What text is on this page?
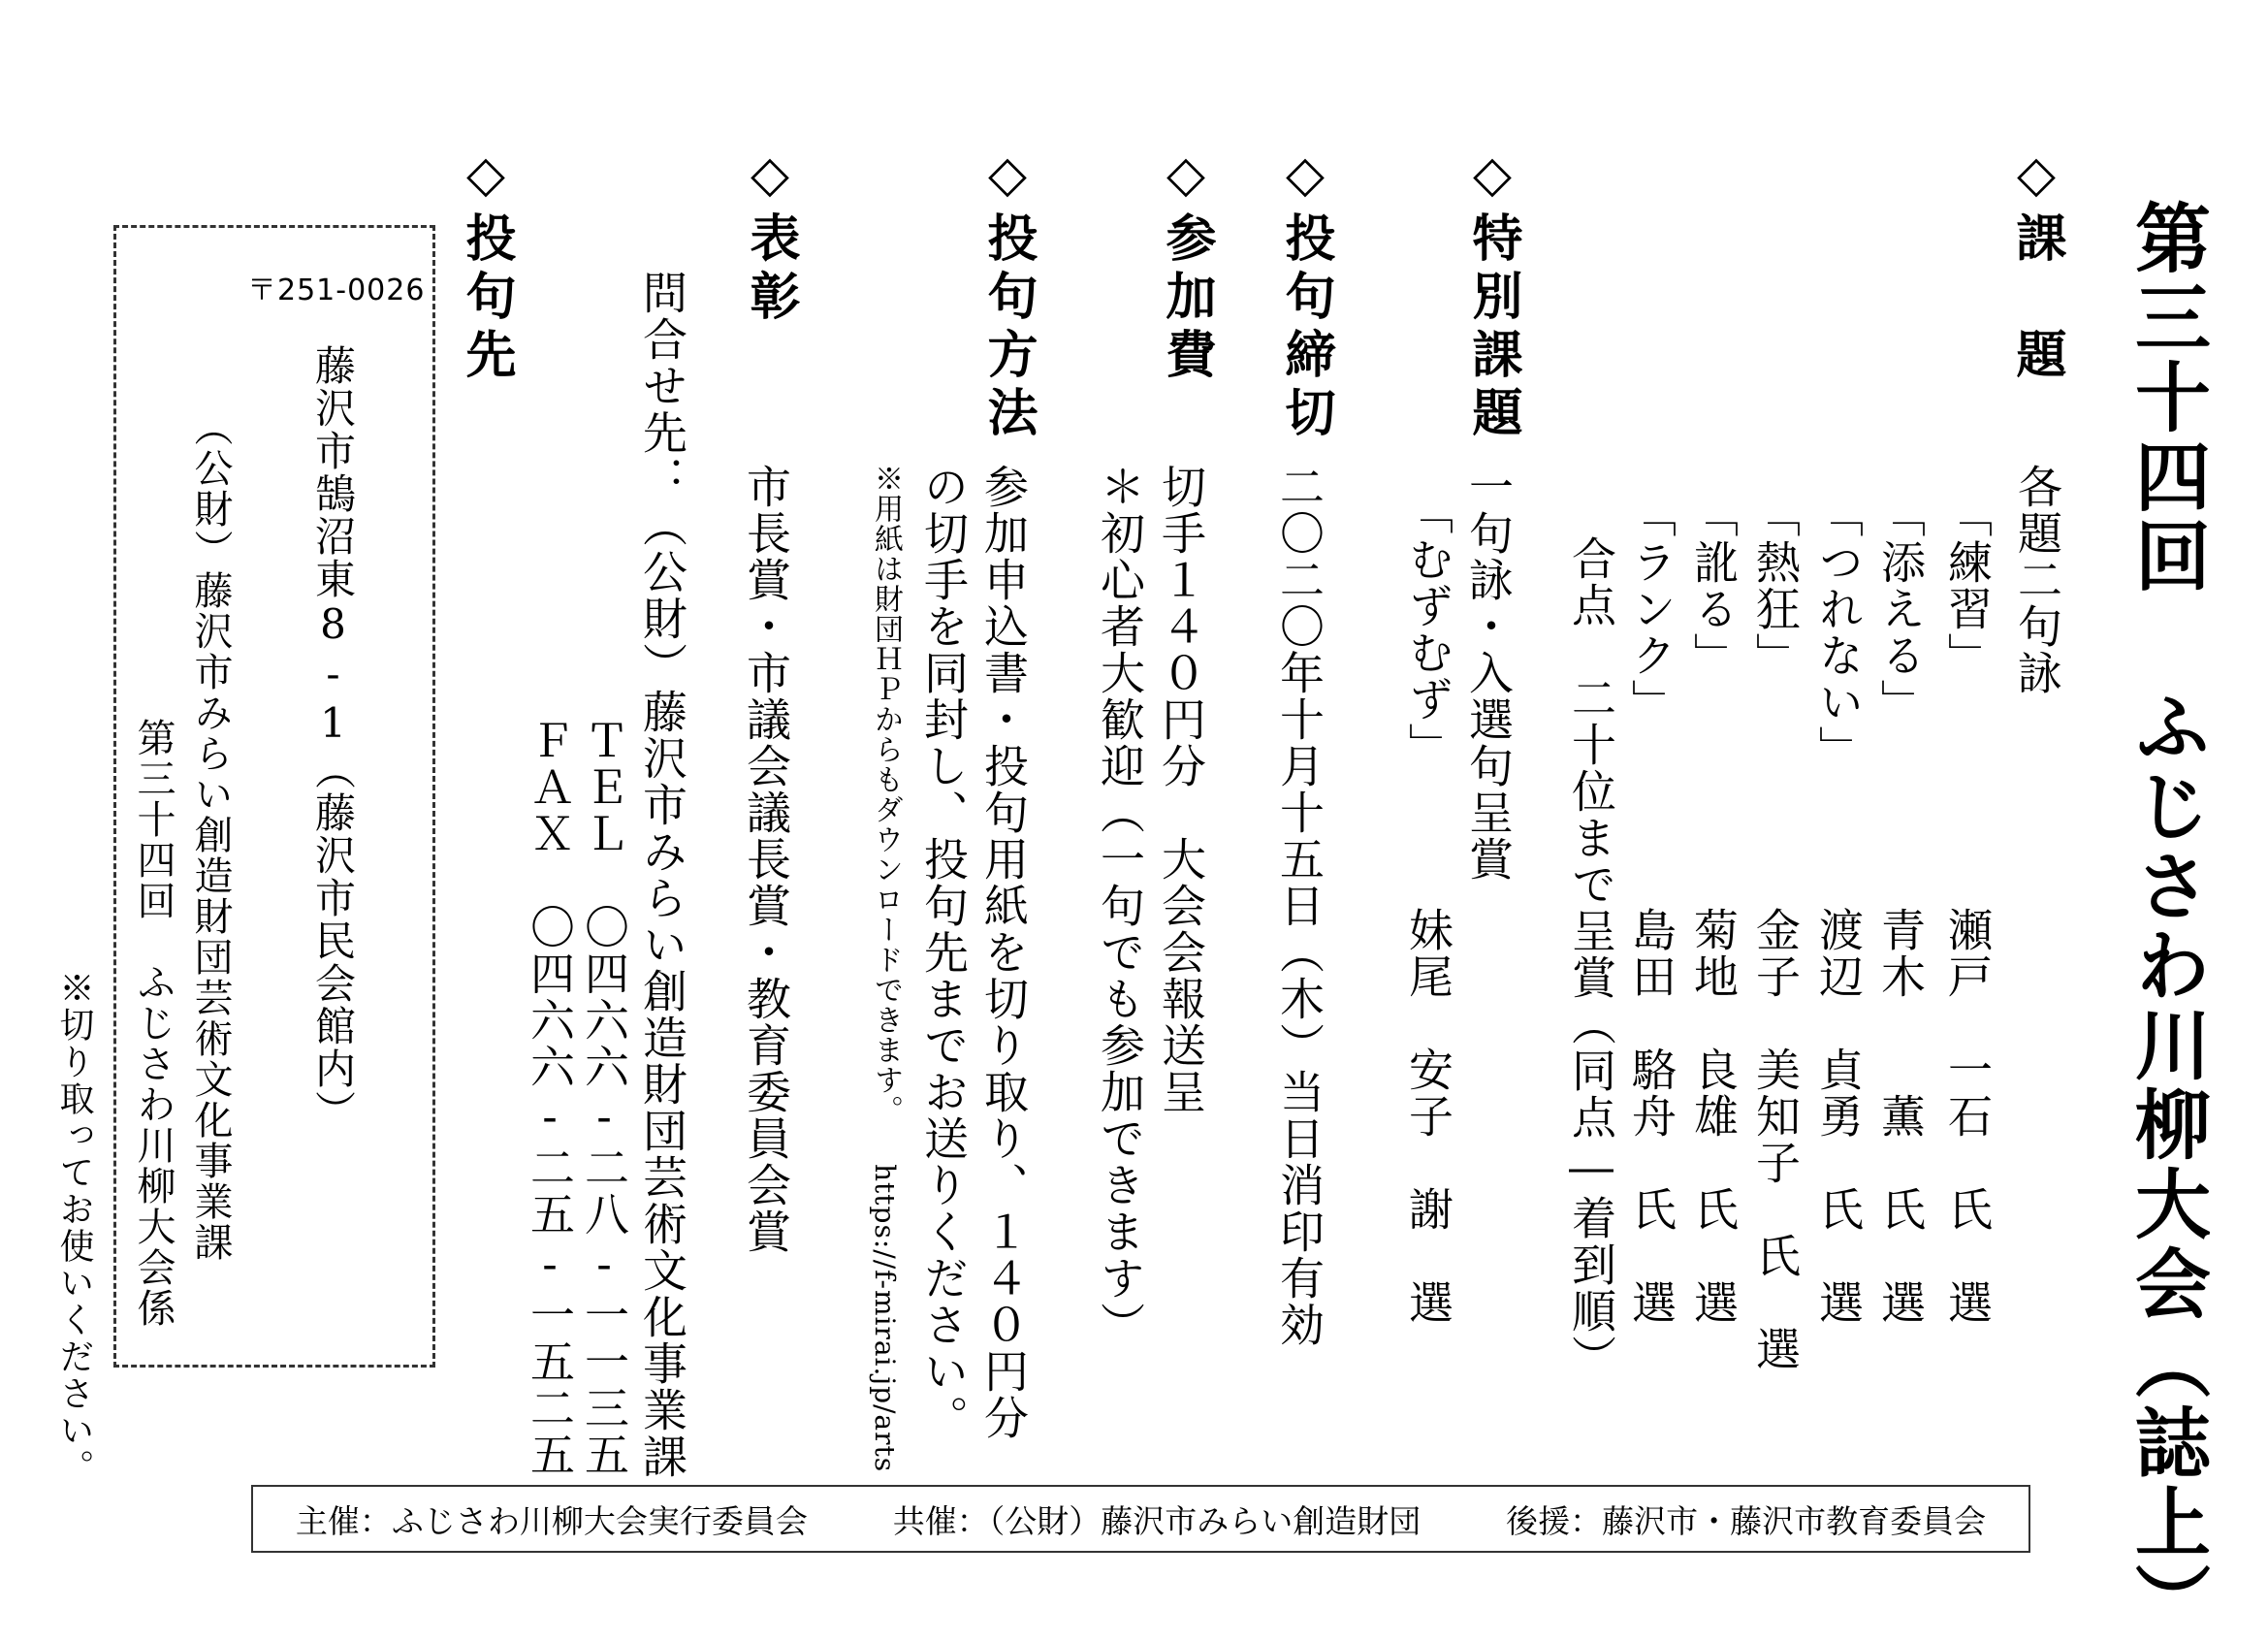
第三十四回 ふじさわ川柳大会（誌上）
◇課　題
各題二句詠
「練習」
瀬戸　一石　氏　選
「添える」
青木　　薫　氏　選
「つれない」
渡辺　貞勇　氏　選
「熱狂」
金子　美知子　氏　選
「訛る」
菊地　良雄　氏　選
「ランク」
島田　駱舟　氏　選
合点　二十位まで呈賞（同点―着到順）
◇特別課題
一句詠・入選句呈賞
「むずむず」
妹尾　安子　謝　選
◇投句締切
二〇二〇年十月十五日（木）当日消印有効
◇参加費
切手１４０円分　大会会報送呈
＊初心者大歓迎（一句でも参加できます）
◇投句方法
参加申込書・投句用紙を切り取り、１４０円分
の切手を同封し、投句先までお送りください。
※用紙は財団ＨＰからもダウンロードできます。
https://f-mirai.jp/arts
◇表彰
市長賞・市議会議長賞・教育委員会賞
問合せ先：（公財）藤沢市みらい創造財団芸術文化事業課
ＴＥＬ　〇四六六‐二八‐一一三五
ＦＡＸ　〇四六六‐二五‐一五二五
◇投句先
〒251-0026
藤沢市鵠沼東8-1（藤沢市民会館内）
（公財）藤沢市みらい創造財団芸術文化事業課
第三十四回　ふじさわ川柳大会係
※切り取ってお使いください。
主催：ふじさわ川柳大会実行委員会	共催：（公財）藤沢市みらい創造財団	後援：藤沢市・藤沢市教育委員会
